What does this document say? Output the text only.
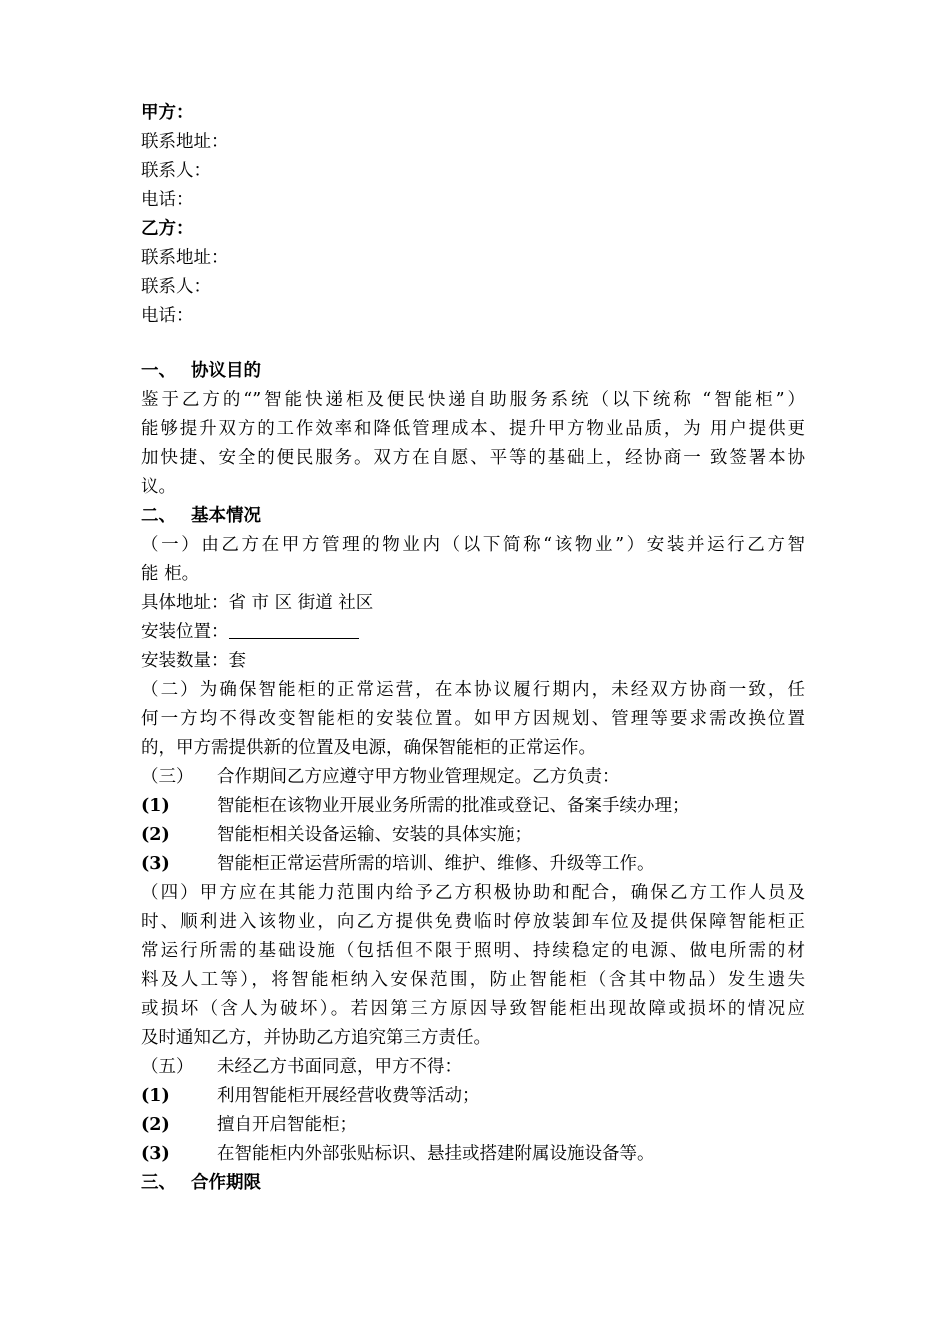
甲方：
联系地址：
联系人：
电话：
乙方：
联系地址：
联系人：
电话：
一、 协议目的
鉴于乙方的“”智能快递柜及便民快递自助服务系统（以下统称 “智能柜”）
能够提升双方的工作效率和降低管理成本、提升甲方物业品质，为 用户提供更
加快捷、安全的便民服务。双方在自愿、平等的基础上，经协商一 致签署本协
议。
二、 基本情况
（一）由乙方在甲方管理的物业内（以下简称“该物业”）安装并运行乙方智
能 柜。
具体地址：省 市 区 街道 社区
安装位置：
安装数量：套
（二）为确保智能柜的正常运营，在本协议履行期内，未经双方协商一致，任
何一方均不得改变智能柜的安装位置。如甲方因规划、管理等要求需改换位置
的，甲方需提供新的位置及电源，确保智能柜的正常运作。
（三） 合作期间乙方应遵守甲方物业管理规定。乙方负责：
(1)	智能柜在该物业开展业务所需的批准或登记、备案手续办理；
(2)	智能柜相关设备运输、安装的具体实施；
(3)	智能柜正常运营所需的培训、维护、维修、升级等工作。
（四）甲方应在其能力范围内给予乙方积极协助和配合，确保乙方工作人员及
时、顺利进入该物业，向乙方提供免费临时停放装卸车位及提供保障智能柜正
常运行所需的基础设施（包括但不限于照明、持续稳定的电源、做电所需的材
料及人工等），将智能柜纳入安保范围，防止智能柜（含其中物品）发生遗失
或损坏（含人为破坏）。若因第三方原因导致智能柜出现故障或损坏的情况应
及时通知乙方，并协助乙方追究第三方责任。
（五） 未经乙方书面同意，甲方不得：
(1)	利用智能柜开展经营收费等活动；
(2)	擅自开启智能柜；
(3)	在智能柜内外部张贴标识、悬挂或搭建附属设施设备等。
三、 合作期限
